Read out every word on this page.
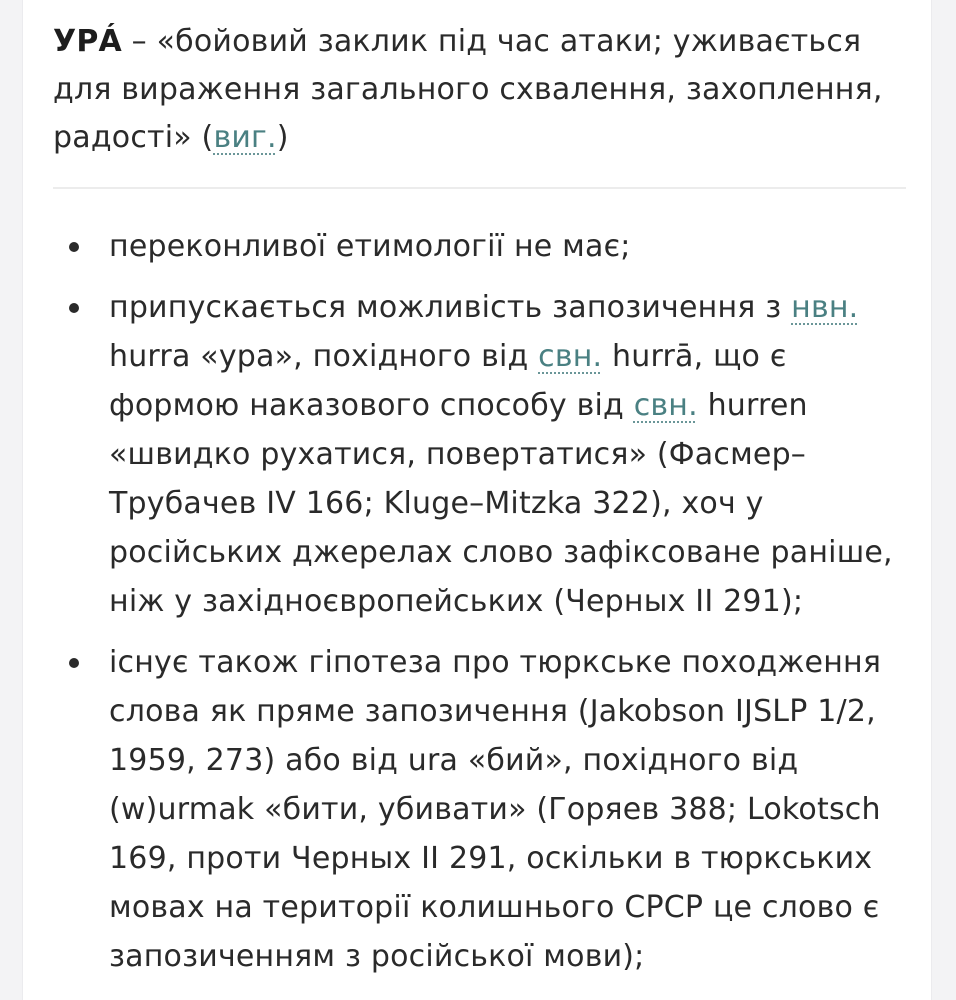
УРÁ – «бойовий заклик під час атаки; уживається для вираження загального схвалення, захоплення, радості» (виг.)
переконливої етимології не має;
припускається можливість запозичення з нвн. hurra «ура», похідного від свн. hurrā, що є формою наказового способу від свн. hurren «швидко рухатися, повертатися» (Фасмер–Трубачев IV 166; Kluge–Mitzka 322), хоч у російських джерелах слово зафіксоване раніше, ніж у західноєвропейських (Черных II 291);
існує також гіпотеза про тюркське походження слова як пряме запозичення (Jakobson IJSLP 1/2, 1959, 273) або від ura «бий», похідного від (w)urmak «бити, убивати» (Горяев 388; Lokotsch 169, проти Черных II 291, оскільки в тюркських мовах на території колишнього СРСР це слово є запозиченням з російської мови);
